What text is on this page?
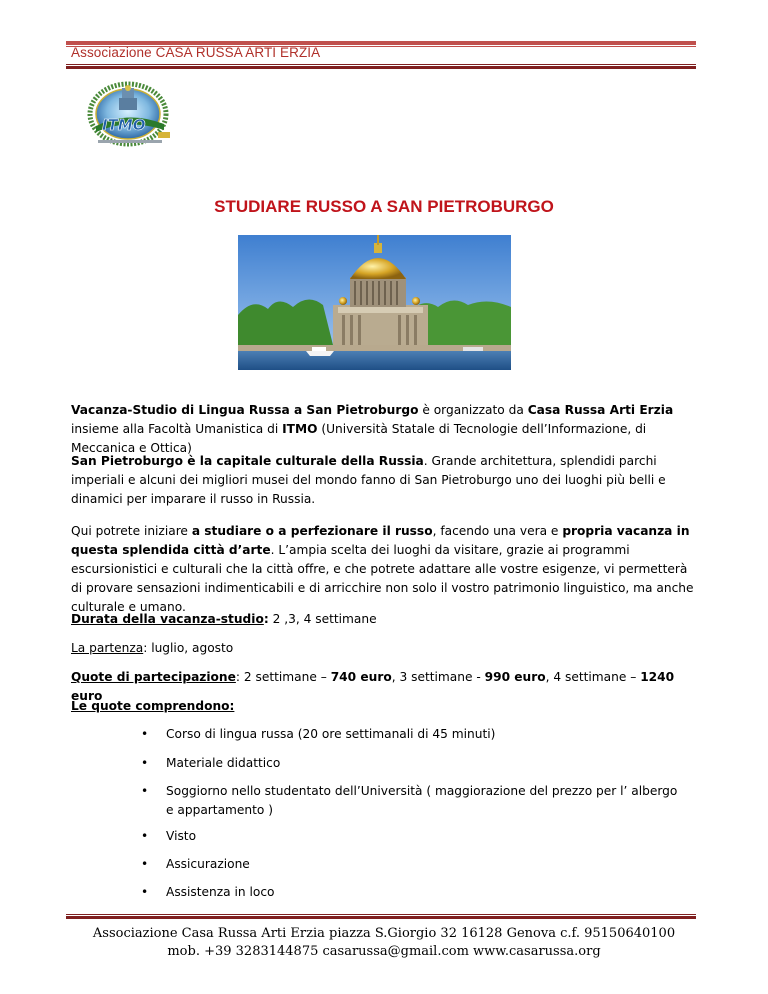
Associazione CASA RUSSA ARTI ERZIA
ITMO
STUDIARE RUSSO A SAN PIETROBURGO

Vacanza-Studio di Lingua Russa a San Pietroburgo è organizzato da Casa Russa Arti Erzia insieme alla Facoltà Umanistica di ITMO (Università Statale di Tecnologie dell’Informazione, di Meccanica e Ottica)

San Pietroburgo è la capitale culturale della Russia. Grande architettura, splendidi parchi imperiali e alcuni dei migliori musei del mondo fanno di San Pietroburgo uno dei luoghi più belli e dinamici per imparare il russo in Russia.

Qui potrete iniziare a studiare o a perfezionare il russo, facendo una vera e propria vacanza in questa splendida città d’arte. L’ampia scelta dei luoghi da visitare, grazie ai programmi escursionistici e culturali che la città offre, e che potrete adattare alle vostre esigenze, vi permetterà di provare sensazioni indimenticabili e di arricchire non solo il vostro patrimonio linguistico, ma anche culturale e umano.

Durata della vacanza-studio: 2 ,3, 4 settimane

La partenza: luglio, agosto

Quote di partecipazione: 2 settimane – 740 euro, 3 settimane - 990 euro, 4 settimane – 1240 euro

Le quote comprendono:

• Corso di lingua russa (20 ore settimanali di 45 minuti)
• Materiale didattico
• Soggiorno nello studentato dell’Università ( maggiorazione del prezzo per l’ albergo e appartamento )
• Visto
• Assicurazione
• Assistenza in loco
Associazione Casa Russa Arti Erzia piazza S.Giorgio 32 16128 Genova c.f. 95150640100
mob. +39 3283144875 casarussa@gmail.com www.casarussa.org
